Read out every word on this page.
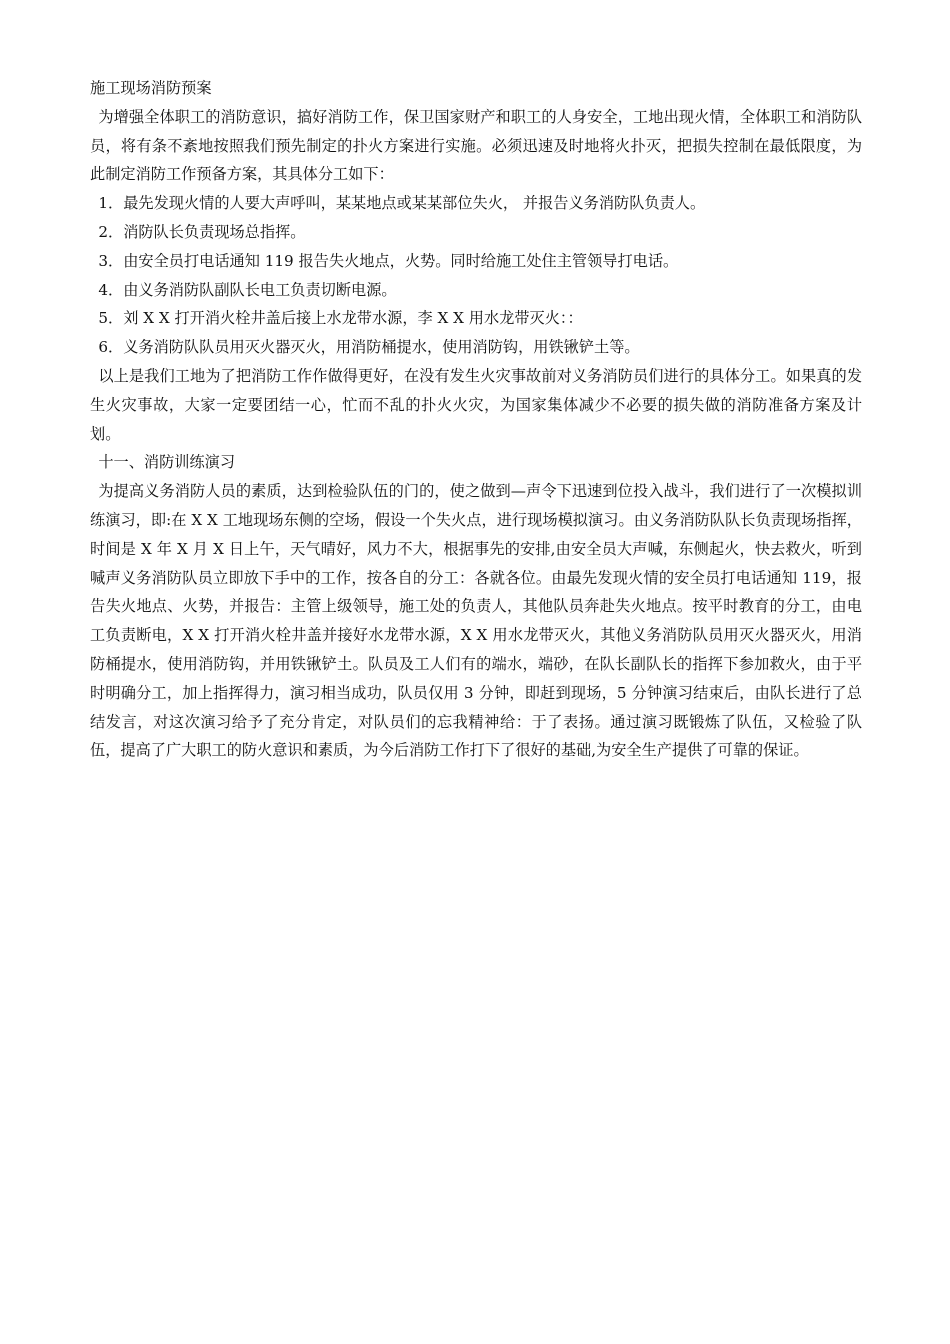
施工现场消防预案

为增强全体职工的消防意识，搞好消防工作，保卫国家财产和职工的人身安全，工地出现火情，全体职工和消防队员，将有条不紊地按照我们预先制定的扑火方案进行实施。必须迅速及时地将火扑灭，把损失控制在最低限度，为此制定消防工作预备方案，其具体分工如下：

1．最先发现火情的人要大声呼叫，某某地点或某某部位失火， 并报告义务消防队负责人。

2．消防队长负责现场总指挥。

3．由安全员打电话通知 119 报告失火地点，火势。同时给施工处住主管领导打电话。

4．由义务消防队副队长电工负责切断电源。

5．刘 X X 打开消火栓井盖后接上水龙带水源，李 X X 用水龙带灭火：：

6．义务消防队队员用灭火器灭火，用消防桶提水，使用消防钩，用铁锹铲土等。

以上是我们工地为了把消防工作作做得更好，在没有发生火灾事故前对义务消防员们进行的具体分工。如果真的发生火灾事故，大家一定要团结一心，忙而不乱的扑火火灾，为国家集体减少不必要的损失做的消防准备方案及计划。

十一、消防训练演习

为提高义务消防人员的素质，达到检验队伍的门的，使之做到—声令下迅速到位投入战斗，我们进行了一次模拟训练演习，即:在 X X 工地现场东侧的空场，假设一个失火点，进行现场模拟演习。由义务消防队队长负责现场指挥，时间是 X 年 X 月 X 日上午，天气晴好，风力不大，根据事先的安排,由安全员大声喊，东侧起火，快去救火，听到喊声义务消防队员立即放下手中的工作，按各自的分工：各就各位。由最先发现火情的安全员打电话通知 119，报告失火地点、火势，并报告：主管上级领导，施工处的负责人，其他队员奔赴失火地点。按平时教育的分工，由电工负责断电，X X 打开消火栓井盖并接好水龙带水源，X X 用水龙带灭火，其他义务消防队员用灭火器灭火，用消防桶提水，使用消防钩，并用铁锹铲土。队员及工人们有的端水，端砂，在队长副队长的指挥下参加救火，由于平时明确分工，加上指挥得力，演习相当成功，队员仅用 3 分钟，即赶到现场，5 分钟演习结束后，由队长进行了总结发言，对这次演习给予了充分肯定，对队员们的忘我精神给：于了表扬。通过演习既锻炼了队伍，又检验了队伍，提高了广大职工的防火意识和素质，为今后消防工作打下了很好的基础,为安全生产提供了可靠的保证。
